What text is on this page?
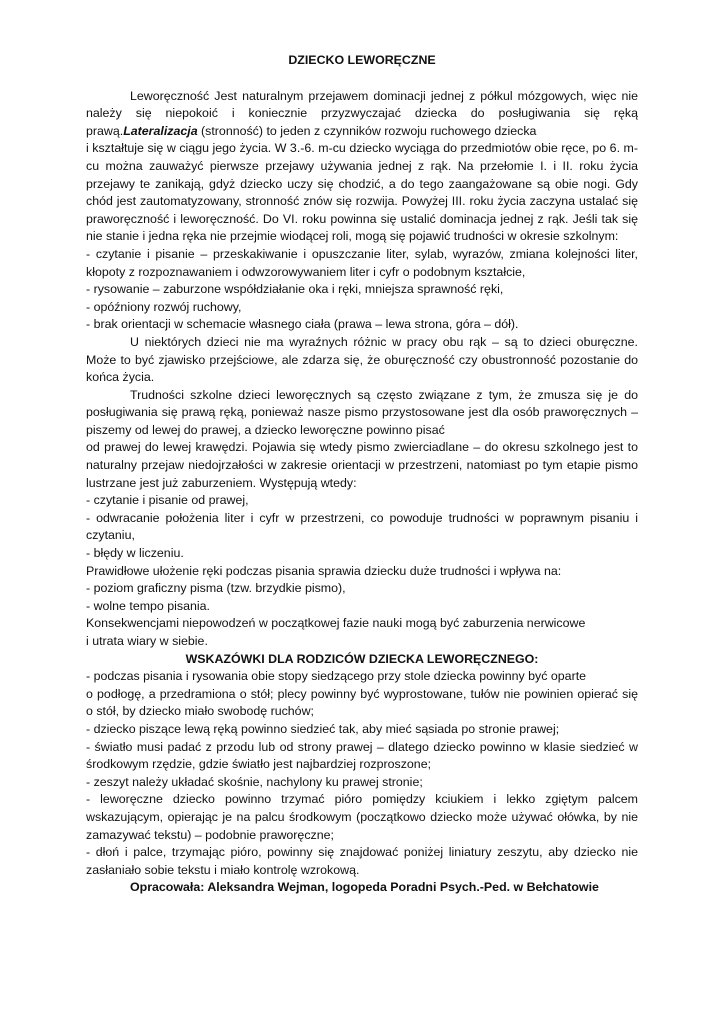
DZIECKO LEWORĘCZNE

Leworęczność Jest naturalnym przejawem dominacji jednej z półkul mózgowych, więc nie należy się niepokoić i koniecznie przyzwyczajać dziecka do posługiwania się ręką prawą.Lateralizacja (stronność) to jeden z czynników rozwoju ruchowego dziecka

i kształtuje się w ciągu jego życia. W 3.-6. m-cu dziecko wyciąga do przedmiotów obie ręce, po 6. m-cu można zauważyć pierwsze przejawy używania jednej z rąk. Na przełomie I. i II. roku życia przejawy te zanikają, gdyż dziecko uczy się chodzić, a do tego zaangażowane są obie nogi. Gdy chód jest zautomatyzowany, stronność znów się rozwija. Powyżej III. roku życia zaczyna ustalać się praworęczność i leworęczność. Do VI. roku powinna się ustalić dominacja jednej z rąk. Jeśli tak się nie stanie i jedna ręka nie przejmie wiodącej roli, mogą się pojawić trudności w okresie szkolnym:

- czytanie i pisanie – przeskakiwanie i opuszczanie liter, sylab, wyrazów, zmiana kolejności liter, kłopoty z rozpoznawaniem i odwzorowywaniem liter i cyfr o podobnym kształcie,

- rysowanie – zaburzone współdziałanie oka i ręki, mniejsza sprawność ręki,

- opóźniony rozwój ruchowy,

- brak orientacji w schemacie własnego ciała (prawa – lewa strona, góra – dół).

U niektórych dzieci nie ma wyraźnych różnic w pracy obu rąk – są to dzieci oburęczne. Może to być zjawisko przejściowe, ale zdarza się, że oburęczność czy obustronność pozostanie do końca życia.

Trudności szkolne dzieci leworęcznych są często związane z tym, że zmusza się je do posługiwania się prawą ręką, ponieważ nasze pismo przystosowane jest dla osób praworęcznych – piszemy od lewej do prawej, a dziecko leworęczne powinno pisać

od prawej do lewej krawędzi. Pojawia się wtedy pismo zwierciadlane – do okresu szkolnego jest to naturalny przejaw niedojrzałości w zakresie orientacji w przestrzeni, natomiast po tym etapie pismo lustrzane jest już zaburzeniem. Występują wtedy:

- czytanie i pisanie od prawej,

- odwracanie położenia liter i cyfr w przestrzeni, co powoduje trudności w poprawnym pisaniu i czytaniu,

- błędy w liczeniu.

Prawidłowe ułożenie ręki podczas pisania sprawia dziecku duże trudności i wpływa na:

- poziom graficzny pisma (tzw. brzydkie pismo),

- wolne tempo pisania.

Konsekwencjami niepowodzeń w początkowej fazie nauki mogą być zaburzenia nerwicowe

i utrata wiary w siebie.

WSKAZÓWKI DLA RODZICÓW DZIECKA LEWORĘCZNEGO:

- podczas pisania i rysowania obie stopy siedzącego przy stole dziecka powinny być oparte

o podłogę, a przedramiona o stół; plecy powinny być wyprostowane, tułów nie powinien opierać się o stół, by dziecko miało swobodę ruchów;

- dziecko piszące lewą ręką powinno siedzieć tak, aby mieć sąsiada po stronie prawej;

- światło musi padać z przodu lub od strony prawej – dlatego dziecko powinno w klasie siedzieć w środkowym rzędzie, gdzie światło jest najbardziej rozproszone;

- zeszyt należy układać skośnie, nachylony ku prawej stronie;

- leworęczne dziecko powinno trzymać pióro pomiędzy kciukiem i lekko zgiętym palcem wskazującym, opierając je na palcu środkowym (początkowo dziecko może używać ołówka, by nie zamazywać tekstu) – podobnie praworęczne;

- dłoń i palce, trzymając pióro, powinny się znajdować poniżej liniatury zeszytu, aby dziecko nie zasłaniało sobie tekstu i miało kontrolę wzrokową.

Opracowała: Aleksandra Wejman, logopeda Poradni Psych.-Ped. w Bełchatowie
